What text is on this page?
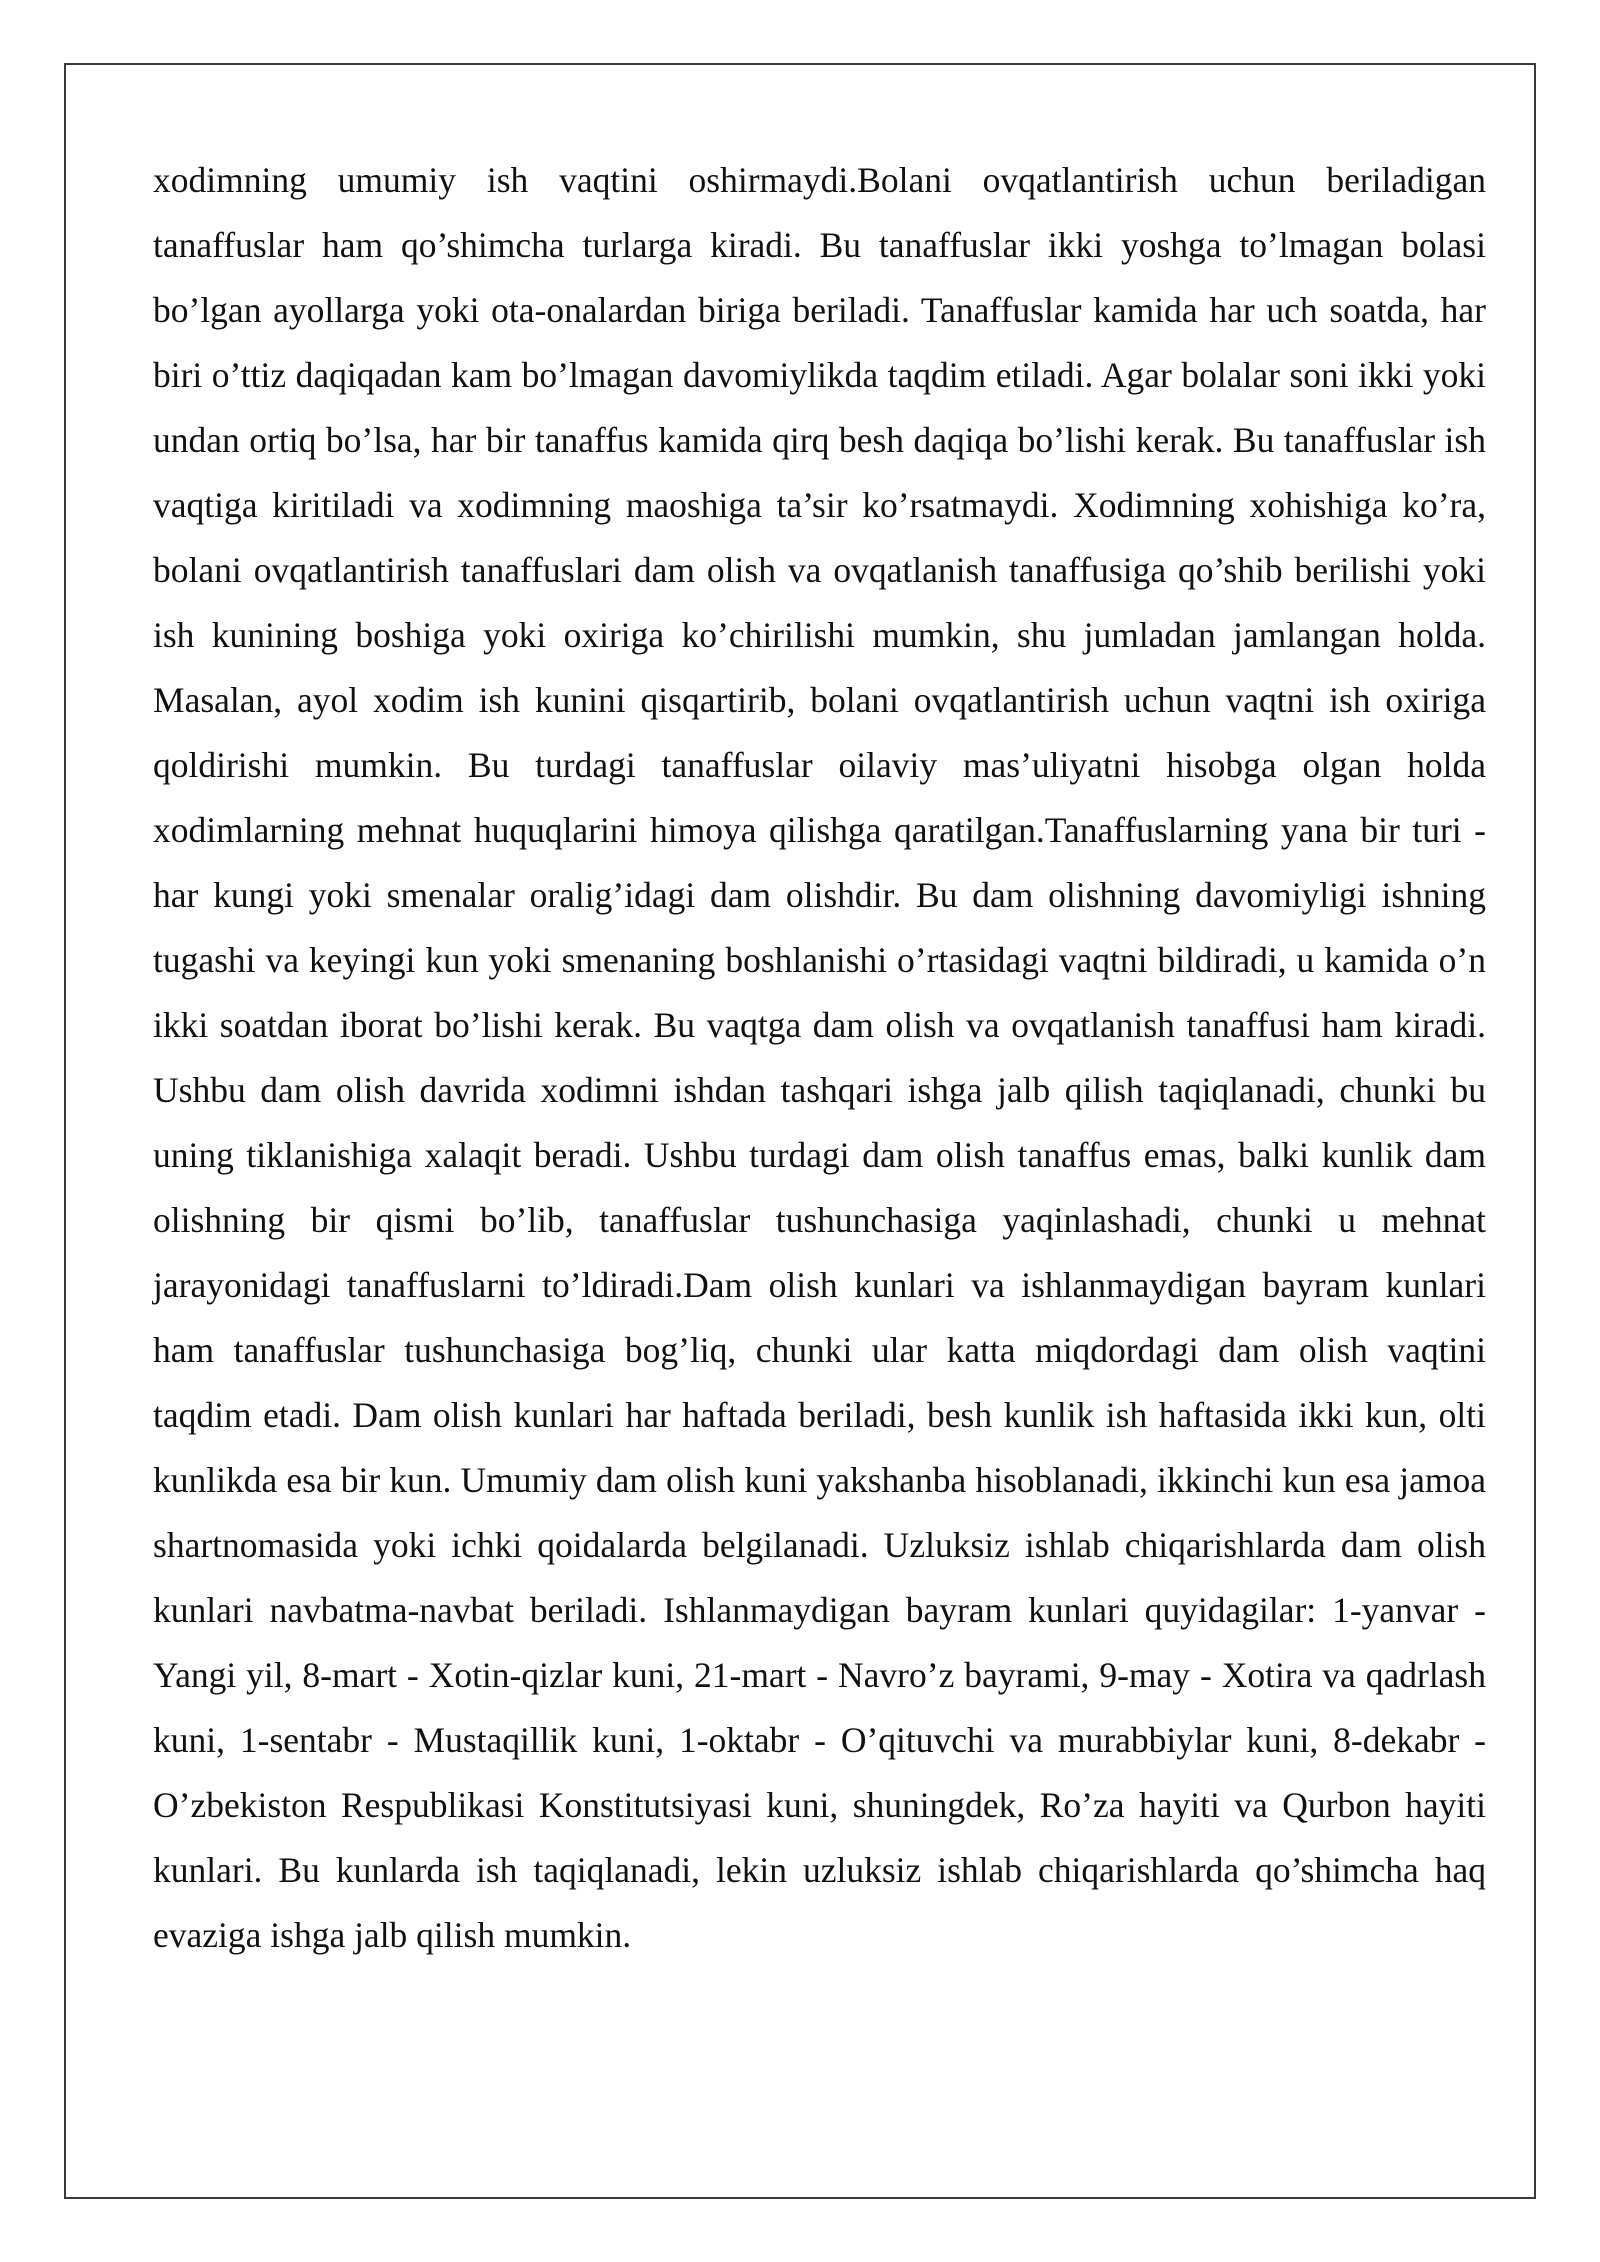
xodimning umumiy ish vaqtini oshirmaydi.Bolani ovqatlantirish uchun beriladigan tanaffuslar ham qo’shimcha turlarga kiradi. Bu tanaffuslar ikki yoshga to’lmagan bolasi bo’lgan ayollarga yoki ota-onalardan biriga beriladi. Tanaffuslar kamida har uch soatda, har biri o’ttiz daqiqadan kam bo’lmagan davomiylikda taqdim etiladi. Agar bolalar soni ikki yoki undan ortiq bo’lsa, har bir tanaffus kamida qirq besh daqiqa bo’lishi kerak. Bu tanaffuslar ish vaqtiga kiritiladi va xodimning maoshiga ta’sir ko’rsatmaydi. Xodimning xohishiga ko’ra, bolani ovqatlantirish tanaffuslari dam olish va ovqatlanish tanaffusiga qo’shib berilishi yoki ish kunining boshiga yoki oxiriga ko’chirilishi mumkin, shu jumladan jamlangan holda. Masalan, ayol xodim ish kunini qisqartirib, bolani ovqatlantirish uchun vaqtni ish oxiriga qoldirishi mumkin. Bu turdagi tanaffuslar oilaviy mas’uliyatni hisobga olgan holda xodimlarning mehnat huquqlarini himoya qilishga qaratilgan.Tanaffuslarning yana bir turi - har kungi yoki smenalar oralig’idagi dam olishdir. Bu dam olishning davomiyligi ishning tugashi va keyingi kun yoki smenaning boshlanishi o’rtasidagi vaqtni bildiradi, u kamida o’n ikki soatdan iborat bo’lishi kerak. Bu vaqtga dam olish va ovqatlanish tanaffusi ham kiradi. Ushbu dam olish davrida xodimni ishdan tashqari ishga jalb qilish taqiqlanadi, chunki bu uning tiklanishiga xalaqit beradi. Ushbu turdagi dam olish tanaffus emas, balki kunlik dam olishning bir qismi bo’lib, tanaffuslar tushunchasiga yaqinlashadi, chunki u mehnat jarayonidagi tanaffuslarni to’ldiradi.Dam olish kunlari va ishlanmaydigan bayram kunlari ham tanaffuslar tushunchasiga bog’liq, chunki ular katta miqdordagi dam olish vaqtini taqdim etadi. Dam olish kunlari har haftada beriladi, besh kunlik ish haftasida ikki kun, olti kunlikda esa bir kun. Umumiy dam olish kuni yakshanba hisoblanadi, ikkinchi kun esa jamoa shartnomasida yoki ichki qoidalarda belgilanadi. Uzluksiz ishlab chiqarishlarda dam olish kunlari navbatma-navbat beriladi. Ishlanmaydigan bayram kunlari quyidagilar: 1-yanvar - Yangi yil, 8-mart - Xotin-qizlar kuni, 21-mart - Navro’z bayrami, 9-may - Xotira va qadrlash kuni, 1-sentabr - Mustaqillik kuni, 1-oktabr - O’qituvchi va murabbiylar kuni, 8-dekabr - O’zbekiston Respublikasi Konstitutsiyasi kuni, shuningdek, Ro’za hayiti va Qurbon hayiti kunlari. Bu kunlarda ish taqiqlanadi, lekin uzluksiz ishlab chiqarishlarda qo’shimcha haq evaziga ishga jalb qilish mumkin.
